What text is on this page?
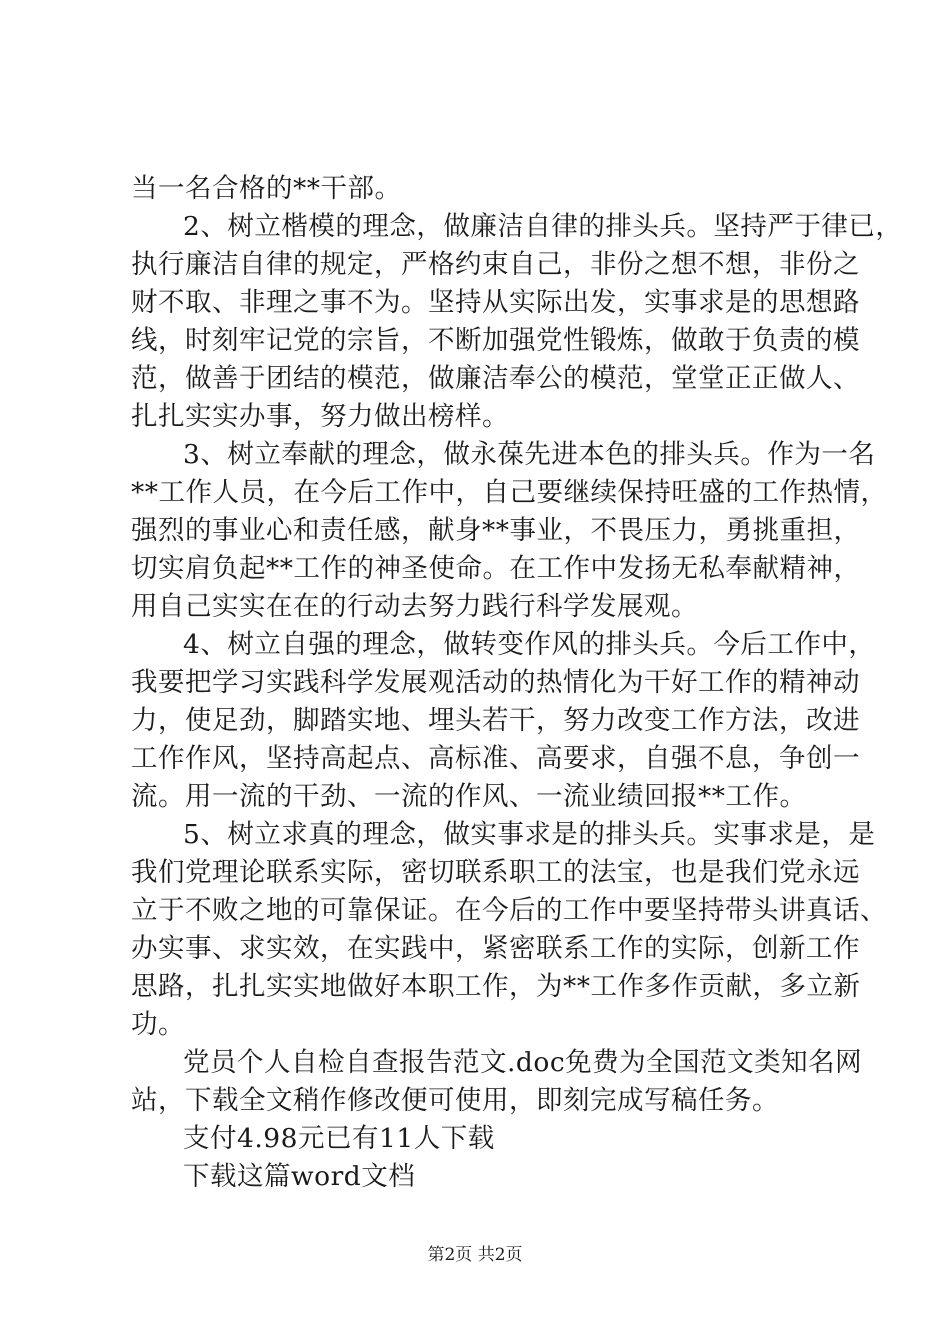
当一名合格的**干部。
2、树立楷模的理念，做廉洁自律的排头兵。坚持严于律已，
执行廉洁自律的规定，严格约束自己，非份之想不想，非份之
财不取、非理之事不为。坚持从实际出发，实事求是的思想路
线，时刻牢记党的宗旨，不断加强党性锻炼，做敢于负责的模
范，做善于团结的模范，做廉洁奉公的模范，堂堂正正做人、
扎扎实实办事，努力做出榜样。
3、树立奉献的理念，做永葆先进本色的排头兵。作为一名
**工作人员，在今后工作中，自己要继续保持旺盛的工作热情，
强烈的事业心和责任感，献身**事业，不畏压力，勇挑重担，
切实肩负起**工作的神圣使命。在工作中发扬无私奉献精神，
用自己实实在在的行动去努力践行科学发展观。
4、树立自强的理念，做转变作风的排头兵。今后工作中，
我要把学习实践科学发展观活动的热情化为干好工作的精神动
力，使足劲，脚踏实地、埋头若干，努力改变工作方法，改进
工作作风，坚持高起点、高标准、高要求，自强不息，争创一
流。用一流的干劲、一流的作风、一流业绩回报**工作。
5、树立求真的理念，做实事求是的排头兵。实事求是，是
我们党理论联系实际，密切联系职工的法宝，也是我们党永远
立于不败之地的可靠保证。在今后的工作中要坚持带头讲真话、
办实事、求实效，在实践中，紧密联系工作的实际，创新工作
思路，扎扎实实地做好本职工作，为**工作多作贡献，多立新
功。
党员个人自检自查报告范文.doc免费为全国范文类知名网
站，下载全文稍作修改便可使用，即刻完成写稿任务。
支付4.98元已有11人下载
下载这篇word文档
第2页 共2页
